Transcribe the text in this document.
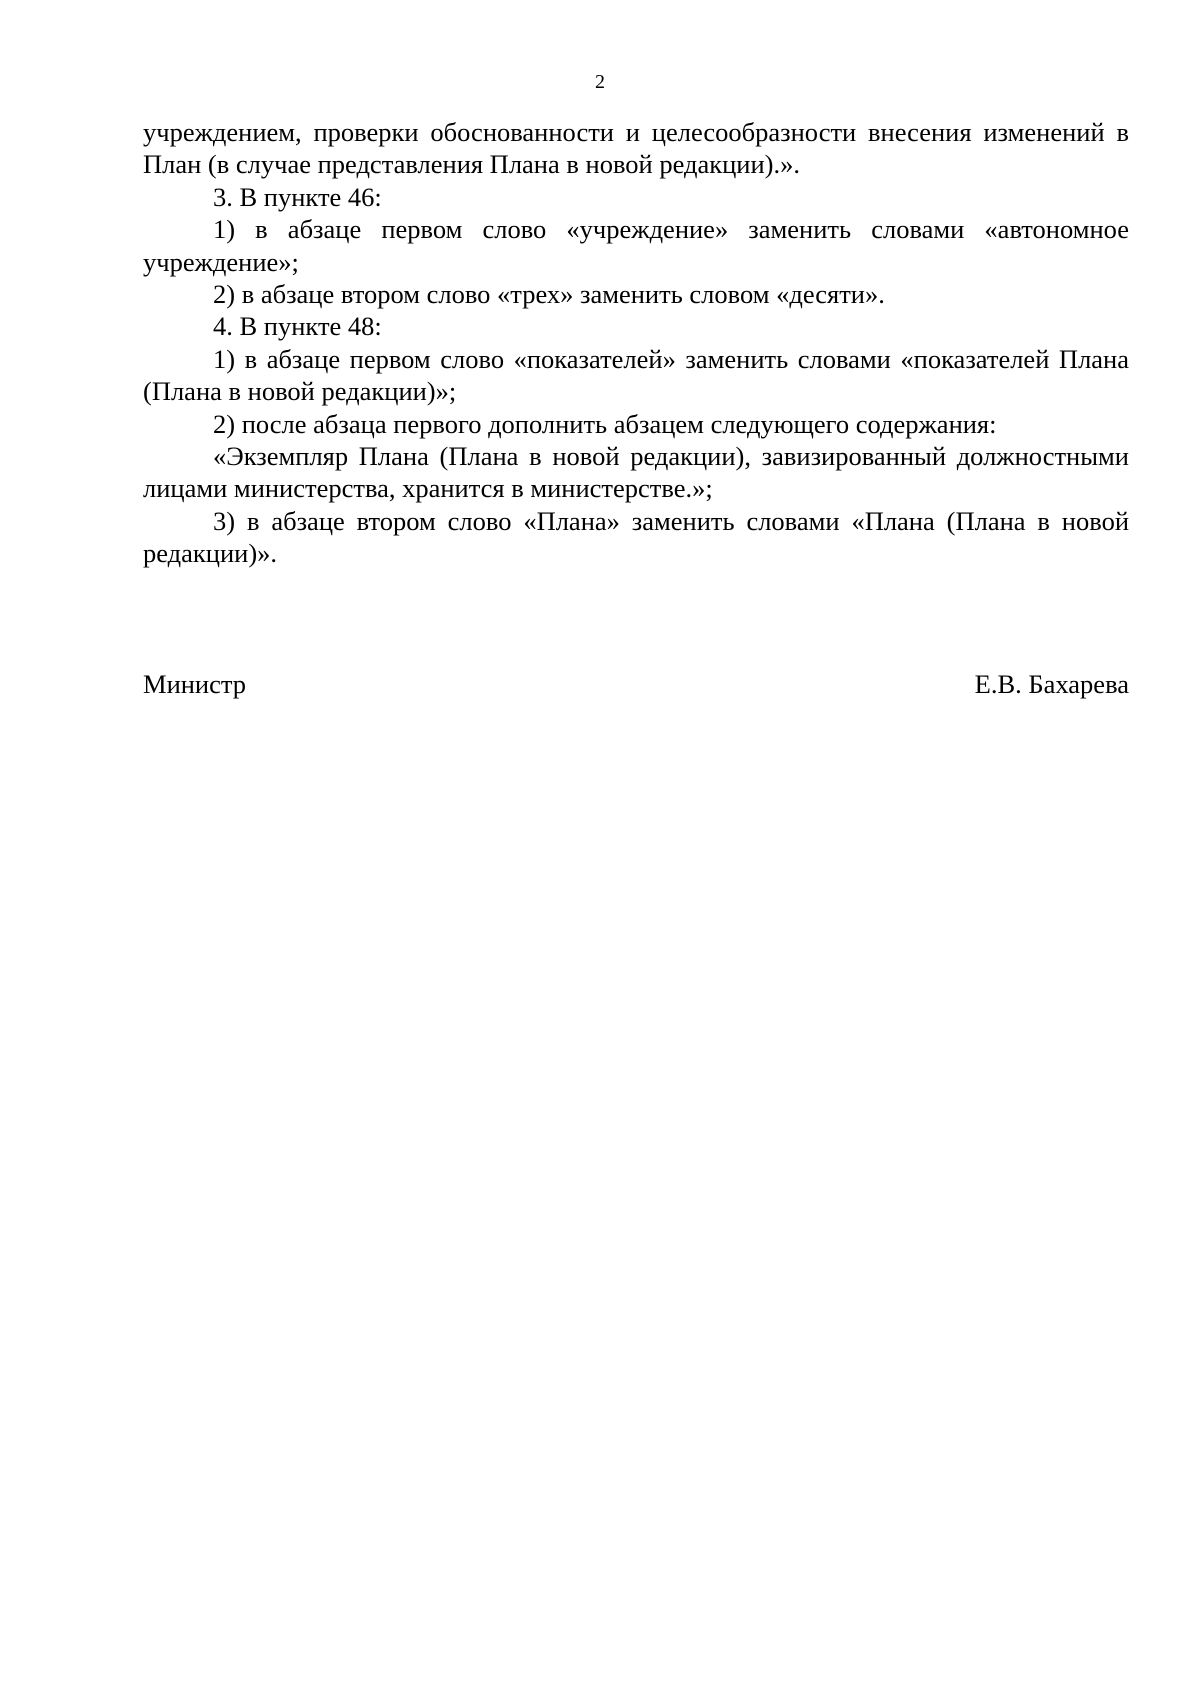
2

учреждением, проверки обоснованности и целесообразности внесения изменений в План (в случае представления Плана в новой редакции).».

3. В пункте 46:

1) в абзаце первом слово «учреждение» заменить словами «автономное учреждение»;

2) в абзаце втором слово «трех» заменить словом «десяти».

4. В пункте 48:

1) в абзаце первом слово «показателей» заменить словами «показателей Плана (Плана в новой редакции)»;

2) после абзаца первого дополнить абзацем следующего содержания:

«Экземпляр Плана (Плана в новой редакции), завизированный должностными лицами министерства, хранится в министерстве.»;

3) в абзаце втором слово «Плана» заменить словами «Плана (Плана в новой редакции)».

Министр	Е.В. Бахарева
